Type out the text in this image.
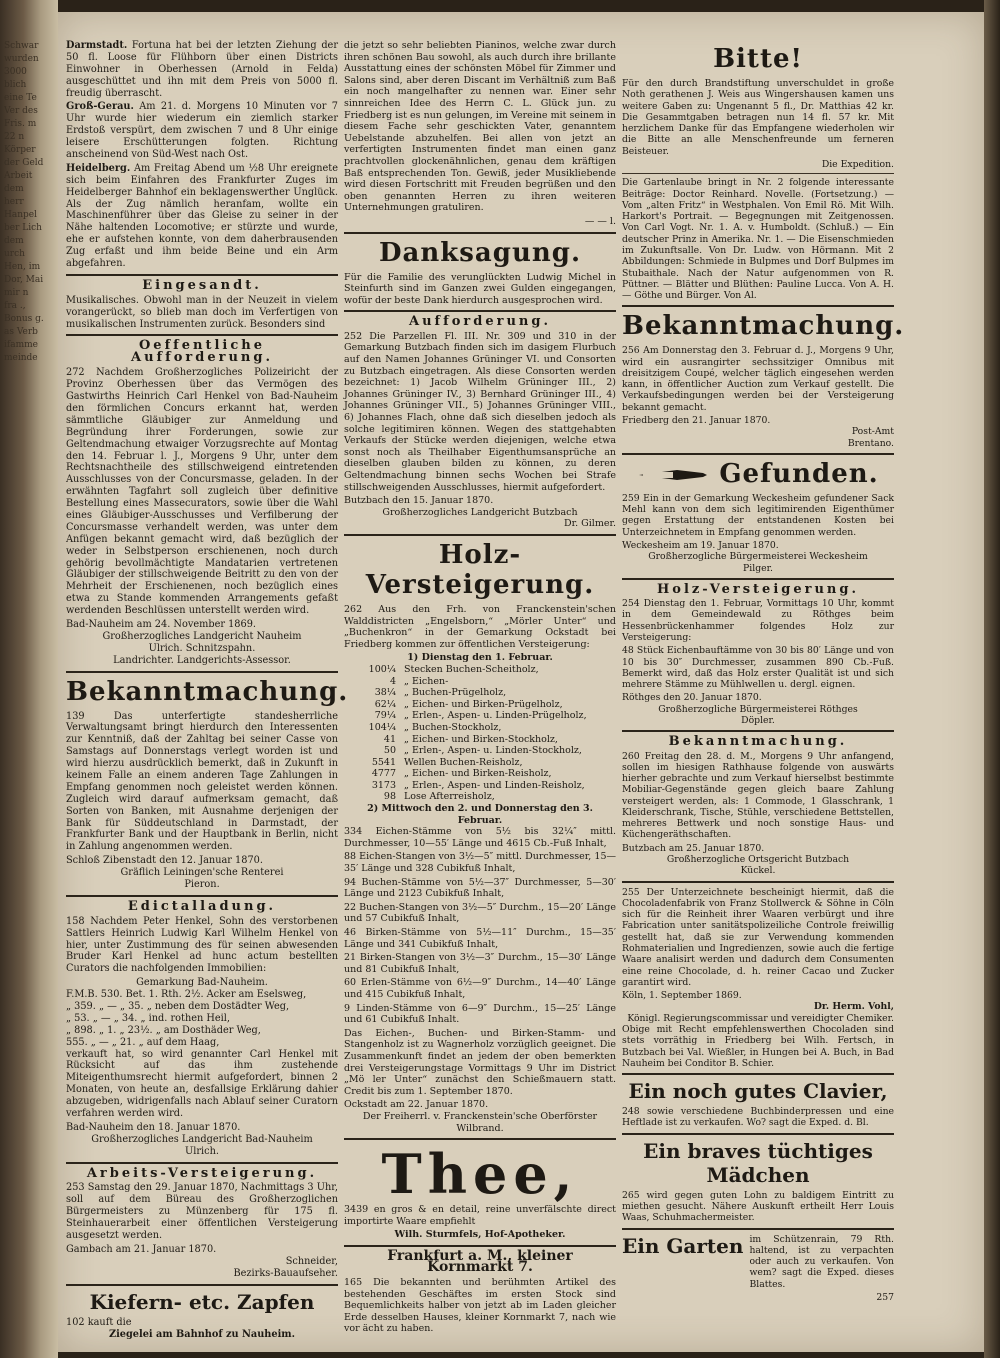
Schwar wurden 3000 blich eine Te Ver des Fris. m 22 n Körper der Geld Arbeit dem herr Hanpel ber Lich dem urch Hen, im Dor, Mai mir n fra ., Bonus g. as Verb ifamme meinde

Darmstadt. Fortuna hat bei der letzten Ziehung der 50 fl. Loose für Flühborn über einen Districts Einwohner in Oberhessen (Arnold in Felda) ausgeschüttet und ihn mit dem Preis von 5000 fl. freudig überrascht.

Groß-Gerau. Am 21. d. Morgens 10 Minuten vor 7 Uhr wurde hier wiederum ein ziemlich starker Erdstoß verspürt, dem zwischen 7 und 8 Uhr einige leisere Erschütterungen folgten. Richtung anscheinend von Süd-West nach Ost.

Heidelberg. Am Freitag Abend um ½8 Uhr ereignete sich beim Einfahren des Frankfurter Zuges im Heidelberger Bahnhof ein beklagenswerther Unglück. Als der Zug nämlich heranfam, wollte ein Maschinenführer über das Gleise zu seiner in der Nähe haltenden Locomotive; er stürzte und wurde, ehe er aufstehen konnte, von dem daherbrausenden Zug erfaßt und ihm beide Beine und ein Arm abgefahren.

Eingesandt.

Musikalisches. Obwohl man in der Neuzeit in vielem vorangerückt, so blieb man doch im Verfertigen von musikalischen Instrumenten zurück. Besonders sind

Oeffentliche Aufforderung.

272 Nachdem Großherzogliches Polizeiricht der Provinz Oberhessen über das Vermögen des Gastwirths Heinrich Carl Henkel von Bad-Nauheim den förmlichen Concurs erkannt hat, werden sämmtliche Gläubiger zur Anmeldung und Begründung ihrer Forderungen, sowie zur Geltendmachung etwaiger Vorzugsrechte auf Montag den 14. Februar l. J., Morgens 9 Uhr, unter dem Rechtsnachtheile des stillschweigend eintretenden Ausschlusses von der Concursmasse, geladen. In der erwähnten Tagfahrt soll zugleich über definitive Bestellung eines Massecurators, sowie über die Wahl eines Gläubiger-Ausschusses und Verfilberung der Concursmasse verhandelt werden, was unter dem Anfügen bekannt gemacht wird, daß bezüglich der weder in Selbstperson erschienenen, noch durch gehörig bevollmächtigte Mandatarien vertretenen Gläubiger der stillschweigende Beitritt zu den von der Mehrheit der Erschienenen, noch bezüglich eines etwa zu Stande kommenden Arrangements gefaßt werdenden Beschlüssen unterstellt werden wird.

Bad-Nauheim am 24. November 1869.

Großherzogliches Landgericht Nauheim

Ulrich. Schnitzspahn.

Landrichter. Landgerichts-Assessor.

Bekanntmachung.

139 Das unterfertigte standesherrliche Verwaltungsamt bringt hierdurch den Interessenten zur Kenntniß, daß der Zahltag bei seiner Casse von Samstags auf Donnerstags verlegt worden ist und wird hierzu ausdrücklich bemerkt, daß in Zukunft in keinem Falle an einem anderen Tage Zahlungen in Empfang genommen noch geleistet werden können. Zugleich wird darauf aufmerksam gemacht, daß Sorten von Banken, mit Ausnahme derjenigen der Bank für Süddeutschland in Darmstadt, der Frankfurter Bank und der Hauptbank in Berlin, nicht in Zahlung angenommen werden.

Schloß Zibenstadt den 12. Januar 1870.

Gräflich Leiningen'sche Renterei

Pieron.

Edictalladung.

158 Nachdem Peter Henkel, Sohn des verstorbenen Sattlers Heinrich Ludwig Karl Wilhelm Henkel von hier, unter Zustimmung des für seinen abwesenden Bruder Karl Henkel ad hunc actum bestellten Curators die nachfolgenden Immobilien:

Gemarkung Bad-Nauheim.

F.M.B. 530. Bet. 1. Rth. 2½. Acker am Eselsweg,

„ 359. „ — „ 35. „ neben dem Dostädter Weg,

„ 53. „ — „ 34. „ ind. rothen Heil,

„ 898. „ 1. „ 23½. „ am Dosthäder Weg,

555. „ — „ 21. „ auf dem Haag,

verkauft hat, so wird genannter Carl Henkel mit Rücksicht auf das ihm zustehende Miteigenthumsrecht hiermit aufgefordert, binnen 2 Monaten, von heute an, desfallsige Erklärung dahier abzugeben, widrigenfalls nach Ablauf seiner Curatorn verfahren werden wird.

Bad-Nauheim den 18. Januar 1870.

Großherzogliches Landgericht Bad-Nauheim

Ulrich.

Arbeits-Versteigerung.

253 Samstag den 29. Januar 1870, Nachmittags 3 Uhr, soll auf dem Büreau des Großherzoglichen Bürgermeisters zu Münzenberg für 175 fl. Steinhauerarbeit einer öffentlichen Versteigerung ausgesetzt werden.

Gambach am 21. Januar 1870.

Schneider,

Bezirks-Bauaufseher.

Kiefern- etc. Zapfen

102 kauft die

Ziegelei am Bahnhof zu Nauheim.

die jetzt so sehr beliebten Pianinos, welche zwar durch ihren schönen Bau sowohl, als auch durch ihre brillante Ausstattung eines der schönsten Möbel für Zimmer und Salons sind, aber deren Discant im Verhältniß zum Baß ein noch mangelhafter zu nennen war. Einer sehr sinnreichen Idee des Herrn C. L. Glück jun. zu Friedberg ist es nun gelungen, im Vereine mit seinem in diesem Fache sehr geschickten Vater, genanntem Uebelstande abzuhelfen. Bei allen von jetzt an verfertigten Instrumenten findet man einen ganz prachtvollen glockenähnlichen, genau dem kräftigen Baß entsprechenden Ton. Gewiß, jeder Musikliebende wird diesen Fortschritt mit Freuden begrüßen und den oben genannten Herren zu ihren weiteren Unternehmungen gratuliren.

— — l.

Danksagung.

Für die Familie des verunglückten Ludwig Michel in Steinfurth sind im Ganzen zwei Gulden eingegangen, wofür der beste Dank hierdurch ausgesprochen wird.

Aufforderung.

252 Die Parzellen Fl. III. Nr. 309 und 310 in der Gemarkung Butzbach finden sich im dasigem Flurbuch auf den Namen Johannes Grüninger VI. und Consorten zu Butzbach eingetragen. Als diese Consorten werden bezeichnet: 1) Jacob Wilhelm Grüninger III., 2) Johannes Grüninger IV., 3) Bernhard Grüninger III., 4) Johannes Grüninger VII., 5) Johannes Grüninger VIII., 6) Johannes Flach, ohne daß sich dieselben jedoch als solche legitimiren können. Wegen des stattgehabten Verkaufs der Stücke werden diejenigen, welche etwa sonst noch als Theilhaber Eigenthumsansprüche an dieselben glauben bilden zu können, zu deren Geltendmachung binnen sechs Wochen bei Strafe stillschweigenden Ausschlusses, hiermit aufgefordert.

Butzbach den 15. Januar 1870.

Großherzogliches Landgericht Butzbach

Dr. Gilmer.

Holz-Versteigerung.

262 Aus den Frh. von Franckenstein'schen Walddistricten „Engelsborn,“ „Mörler Unter“ und „Buchenkron“ in der Gemarkung Ockstadt bei Friedberg kommen zur öffentlichen Versteigerung:

1) Dienstag den 1. Februar.

100¼ Stecken Buchen-Scheitholz,
4 „ Eichen-
38¼ „ Buchen-Prügelholz,
62¼ „ Eichen- und Birken-Prügelholz,
79¼ „ Erlen-, Aspen- u. Linden-Prügelholz,
104¼ „ Buchen-Stockholz,
41 „ Eichen- und Birken-Stockholz,
50 „ Erlen-, Aspen- u. Linden-Stockholz,
5541 Wellen Buchen-Reisholz,
4777 „ Eichen- und Birken-Reisholz,
3173 „ Erlen-, Aspen- und Linden-Reisholz,
98 Lose Afterreisholz,

2) Mittwoch den 2. und Donnerstag den 3. Februar.

334 Eichen-Stämme von 5½ bis 32¼″ mittl. Durchmesser, 10—55′ Länge und 4615 Cb.-Fuß Inhalt,

88 Eichen-Stangen von 3½—5″ mittl. Durchmesser, 15—35′ Länge und 328 Cubikfuß Inhalt,

94 Buchen-Stämme von 5½—37″ Durchmesser, 5—30′ Länge und 2123 Cubikfuß Inhalt,

22 Buchen-Stangen von 3½—5″ Durchm., 15—20′ Länge und 57 Cubikfuß Inhalt,

46 Birken-Stämme von 5½—11″ Durchm., 15—35′ Länge und 341 Cubikfuß Inhalt,

21 Birken-Stangen von 3½—3″ Durchm., 15—30′ Länge und 81 Cubikfuß Inhalt,

60 Erlen-Stämme von 6½—9″ Durchm., 14—40′ Länge und 415 Cubikfuß Inhalt,

9 Linden-Stämme von 6—9″ Durchm., 15—25′ Länge und 61 Cubikfuß Inhalt.

Das Eichen-, Buchen- und Birken-Stamm- und Stangenholz ist zu Wagnerholz vorzüglich geeignet. Die Zusammenkunft findet an jedem der oben bemerkten drei Versteigerungstage Vormittags 9 Uhr im District „Mö ler Unter“ zunächst den Schießmauern statt. Credit bis zum 1. September 1870.

Ockstadt am 22. Januar 1870.

Der Freiherrl. v. Franckenstein'sche Oberförster

Wilbrand.

Thee,

3439 en gros & en detail, reine unverfälschte direct importirte Waare empfiehlt

Wilh. Sturmfels, Hof-Apotheker.

Frankfurt a. M., kleiner Kornmarkt 7.

165 Die bekannten und berühmten Artikel des bestehenden Geschäftes im ersten Stock sind Bequemlichkeits halber von jetzt ab im Laden gleicher Erde desselben Hauses, kleiner Kornmarkt 7, nach wie vor ächt zu haben.

Bitte!

Für den durch Brandstiftung unverschuldet in große Noth gerathenen J. Weis aus Wingershausen kamen uns weitere Gaben zu: Ungenannt 5 fl., Dr. Matthias 42 kr. Die Gesammtgaben betragen nun 14 fl. 57 kr. Mit herzlichem Danke für das Empfangene wiederholen wir die Bitte an alle Menschenfreunde um ferneren Beisteuer.

Die Expedition.

Die Gartenlaube bringt in Nr. 2 folgende interessante Beiträge: Doctor Reinhard. Novelle. (Fortsetzung.) — Vom „alten Fritz“ in Westphalen. Von Emil Rö. Mit Wilh. Harkort's Portrait. — Begegnungen mit Zeitgenossen. Von Carl Vogt. Nr. 1. A. v. Humboldt. (Schluß.) — Ein deutscher Prinz in Amerika. Nr. 1. — Die Eisenschmieden im Zukunftsalle. Von Dr. Ludw. von Hörmann. Mit 2 Abbildungen: Schmiede in Bulpmes und Dorf Bulpmes im Stubaithale. Nach der Natur aufgenommen von R. Püttner. — Blätter und Blüthen: Pauline Lucca. Von A. H. — Göthe und Bürger. Von Al.

Bekanntmachung.

256 Am Donnerstag den 3. Februar d. J., Morgens 9 Uhr, wird ein ausrangirter sechssitziger Omnibus mit dreisitzigem Coupé, welcher täglich eingesehen werden kann, in öffentlicher Auction zum Verkauf gestellt. Die Verkaufsbedingungen werden bei der Versteigerung bekannt gemacht.

Friedberg den 21. Januar 1870.

Post-Amt

Brentano.

Gefunden.

259 Ein in der Gemarkung Weckesheim gefundener Sack Mehl kann von dem sich legitimirenden Eigenthümer gegen Erstattung der entstandenen Kosten bei Unterzeichnetem in Empfang genommen werden.

Weckesheim am 19. Januar 1870.

Großherzogliche Bürgermeisterei Weckesheim

Pilger.

Holz-Versteigerung.

254 Dienstag den 1. Februar, Vormittags 10 Uhr, kommt in dem Gemeindewald zu Röthges beim Hessenbrückenhammer folgendes Holz zur Versteigerung:

48 Stück Eichenbauftämme von 30 bis 80′ Länge und von 10 bis 30″ Durchmesser, zusammen 890 Cb.-Fuß. Bemerkt wird, daß das Holz erster Qualität ist und sich mehrere Stämme zu Mühlwellen u. dergl. eignen.

Röthges den 20. Januar 1870.

Großherzogliche Bürgermeisterei Röthges

Döpler.

Bekanntmachung.

260 Freitag den 28. d. M., Morgens 9 Uhr anfangend, sollen im hiesigen Rathhause folgende von auswärts hierher gebrachte und zum Verkauf hierselbst bestimmte Mobiliar-Gegenstände gegen gleich baare Zahlung versteigert werden, als: 1 Commode, 1 Glasschrank, 1 Kleiderschrank, Tische, Stühle, verschiedene Bettstellen, mehreres Bettwerk und noch sonstige Haus- und Küchengeräthschaften.

Butzbach am 25. Januar 1870.

Großherzogliche Ortsgericht Butzbach

Kückel.

255 Der Unterzeichnete bescheinigt hiermit, daß die Chocoladenfabrik von Franz Stollwerck & Söhne in Cöln sich für die Reinheit ihrer Waaren verbürgt und ihre Fabrication unter sanitätspolizeiliche Controle freiwillig gestellt hat, daß sie zur Verwendung kommenden Rohmaterialien und Ingredienzen, sowie auch die fertige Waare analisirt werden und dadurch dem Consumenten eine reine Chocolade, d. h. reiner Cacao und Zucker garantirt wird.

Köln, 1. September 1869.

Dr. Herm. Vohl,

Königl. Regierungscommissar und vereidigter Chemiker.

Obige mit Recht empfehlenswerthen Chocoladen sind stets vorräthig in Friedberg bei Wilh. Fertsch, in Butzbach bei Val. Wießler, in Hungen bei A. Buch, in Bad Nauheim bei Conditor B. Schier.

Ein noch gutes Clavier,

248 sowie verschiedene Buchbinderpressen und eine Heftlade ist zu verkaufen. Wo? sagt die Exped. d. Bl.

Ein braves tüchtiges Mädchen

265 wird gegen guten Lohn zu baldigem Eintritt zu miethen gesucht. Nähere Auskunft ertheilt Herr Louis Waas, Schuhmachermeister.

Ein Garten im Schützenrain, 79 Rth. haltend, ist zu verpachten oder auch zu verkaufen. Von wem? sagt die Exped. dieses Blattes.

257
